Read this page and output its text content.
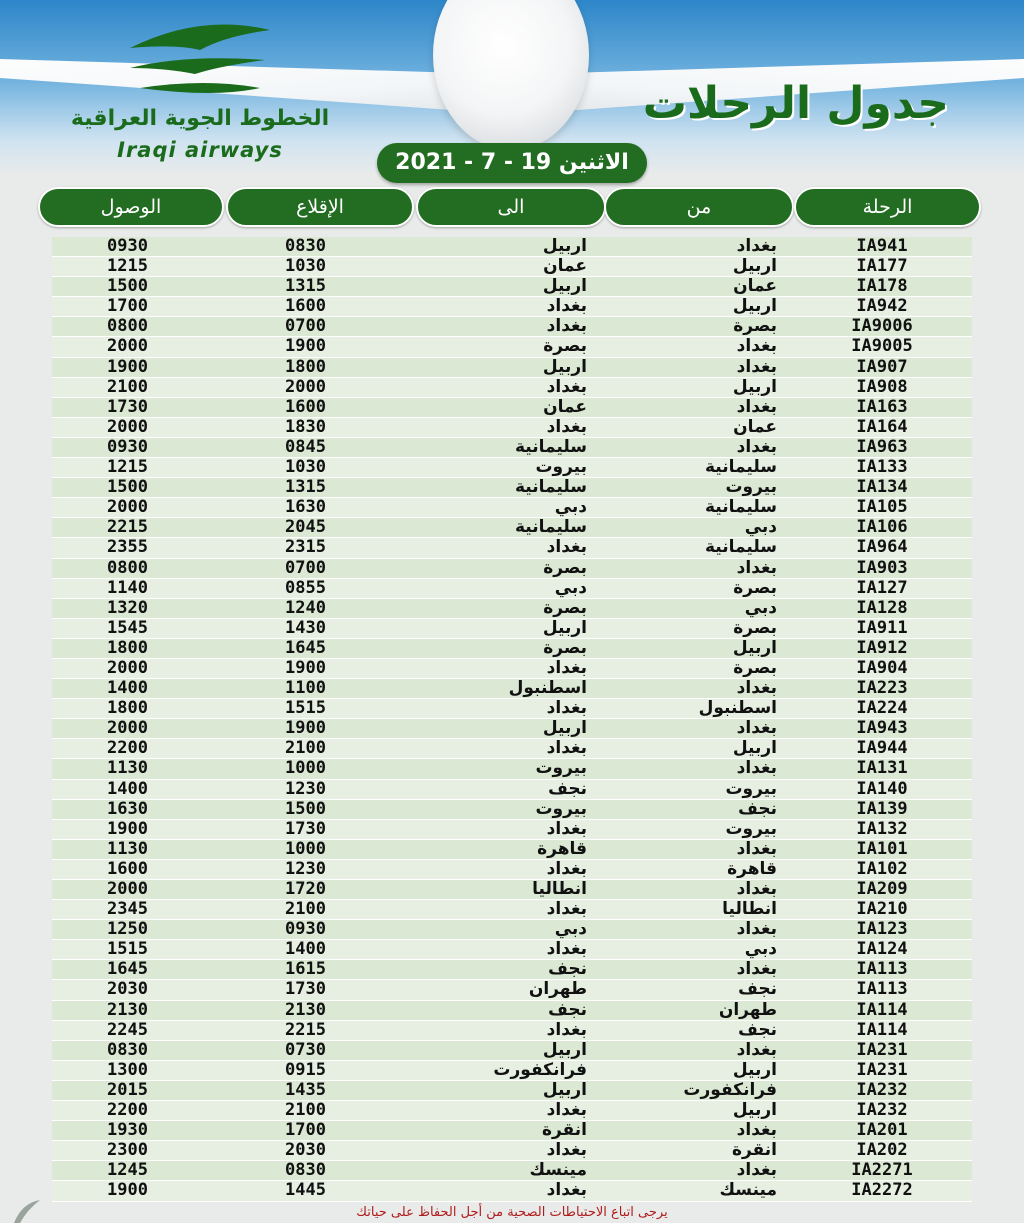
الخطوط الجوية العراقية
Iraqi airways
جدول الرحلات
الاثنين 19 - 7 - 2021
الوصول	الإقلاع	الى	من	الرحلة
0930	0830	اربيل	بغداد	IA941
1215	1030	عمان	اربيل	IA177
1500	1315	اربيل	عمان	IA178
1700	1600	بغداد	اربيل	IA942
0800	0700	بغداد	بصرة	IA9006
2000	1900	بصرة	بغداد	IA9005
1900	1800	اربيل	بغداد	IA907
2100	2000	بغداد	اربيل	IA908
1730	1600	عمان	بغداد	IA163
2000	1830	بغداد	عمان	IA164
0930	0845	سليمانية	بغداد	IA963
1215	1030	بيروت	سليمانية	IA133
1500	1315	سليمانية	بيروت	IA134
2000	1630	دبي	سليمانية	IA105
2215	2045	سليمانية	دبي	IA106
2355	2315	بغداد	سليمانية	IA964
0800	0700	بصرة	بغداد	IA903
1140	0855	دبي	بصرة	IA127
1320	1240	بصرة	دبي	IA128
1545	1430	اربيل	بصرة	IA911
1800	1645	بصرة	اربيل	IA912
2000	1900	بغداد	بصرة	IA904
1400	1100	اسطنبول	بغداد	IA223
1800	1515	بغداد	اسطنبول	IA224
2000	1900	اربيل	بغداد	IA943
2200	2100	بغداد	اربيل	IA944
1130	1000	بيروت	بغداد	IA131
1400	1230	نجف	بيروت	IA140
1630	1500	بيروت	نجف	IA139
1900	1730	بغداد	بيروت	IA132
1130	1000	قاهرة	بغداد	IA101
1600	1230	بغداد	قاهرة	IA102
2000	1720	انطاليا	بغداد	IA209
2345	2100	بغداد	انطاليا	IA210
1250	0930	دبي	بغداد	IA123
1515	1400	بغداد	دبي	IA124
1645	1615	نجف	بغداد	IA113
2030	1730	طهران	نجف	IA113
2130	2130	نجف	طهران	IA114
2245	2215	بغداد	نجف	IA114
0830	0730	اربيل	بغداد	IA231
1300	0915	فرانكفورت	اربيل	IA231
2015	1435	اربيل	فرانكفورت	IA232
2200	2100	بغداد	اربيل	IA232
1930	1700	انقرة	بغداد	IA201
2300	2030	بغداد	انقرة	IA202
1245	0830	مينسك	بغداد	IA2271
1900	1445	بغداد	مينسك	IA2272
يرجى اتباع الاحتياطات الصحية من أجل الحفاظ على حياتك
